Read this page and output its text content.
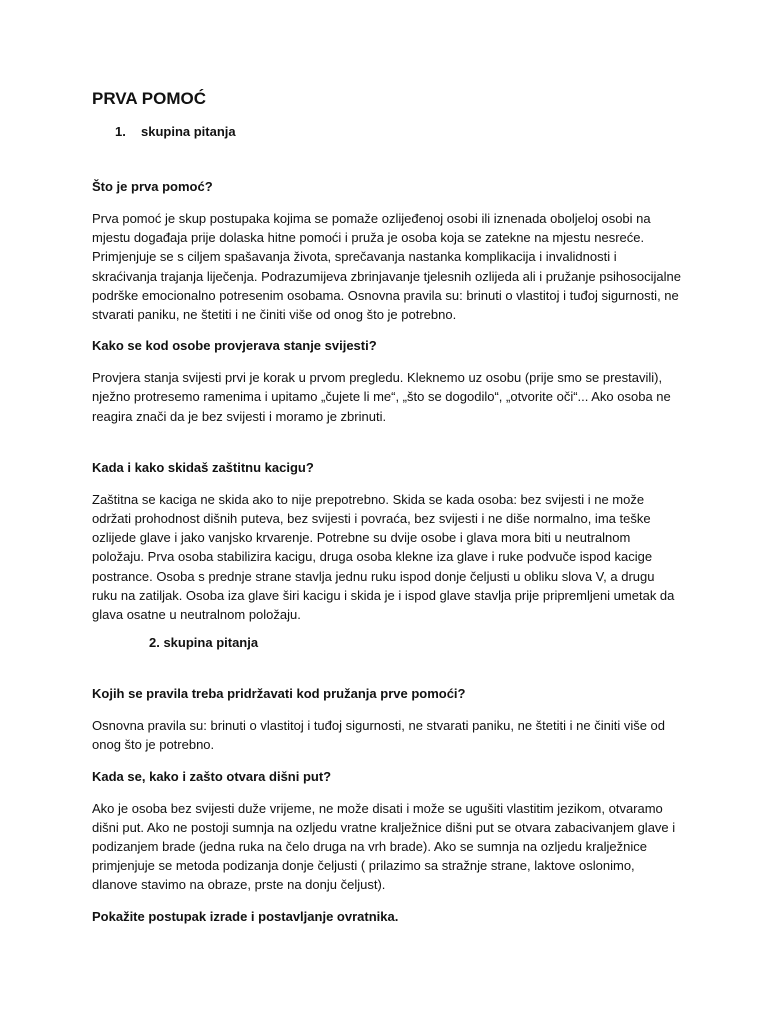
PRVA POMOĆ
1. skupina pitanja

Što je prva pomoć?

Prva pomoć je skup postupaka kojima se pomaže ozlijeđenoj osobi ili iznenada oboljeloj osobi na mjestu događaja prije dolaska hitne pomoći i pruža je osoba koja se zatekne na mjestu nesreće. Primjenjuje se s ciljem spašavanja života, sprečavanja nastanka komplikacija i invalidnosti i skraćivanja trajanja liječenja. Podrazumijeva zbrinjavanje tjelesnih ozlijeda ali i pružanje psihosocijalne podrške emocionalno potresenim osobama. Osnovna pravila su: brinuti o vlastitoj i tuđoj sigurnosti, ne stvarati paniku, ne štetiti i ne činiti više od onog što je potrebno.

Kako se kod osobe provjerava stanje svijesti?

Provjera stanja svijesti prvi je korak u prvom pregledu. Kleknemo uz osobu (prije smo se prestavili), nježno protresemo ramenima i upitamo „čujete li me“, „što se dogodilo“, „otvorite oči“... Ako osoba ne reagira znači da je bez svijesti i moramo je zbrinuti.

Kada i kako skidaš zaštitnu kacigu?

Zaštitna se kaciga ne skida ako to nije prepotrebno. Skida se kada osoba: bez svijesti i ne može održati prohodnost dišnih puteva, bez svijesti i povraća, bez svijesti i ne diše normalno, ima teške ozlijede glave i jako vanjsko krvarenje. Potrebne su dvije osobe i glava mora biti u neutralnom položaju. Prva osoba stabilizira kacigu, druga osoba klekne iza glave i ruke podvuče ispod kacige postrance. Osoba s prednje strane stavlja jednu ruku ispod donje čeljusti u obliku slova V, a drugu ruku na zatiljak. Osoba iza glave širi kacigu i skida je i ispod glave stavlja prije pripremljeni umetak da glava osatne u neutralnom položaju.

2. skupina pitanja

Kojih se pravila treba pridržavati kod pružanja prve pomoći?

Osnovna pravila su: brinuti o vlastitoj i tuđoj sigurnosti, ne stvarati paniku, ne štetiti i ne činiti više od onog što je potrebno.

Kada se, kako i zašto otvara dišni put?

Ako je osoba bez svijesti duže vrijeme, ne može disati i može se ugušiti vlastitim jezikom, otvaramo dišni put. Ako ne postoji sumnja na ozljedu vratne kralježnice dišni put se otvara zabacivanjem glave i podizanjem brade (jedna ruka na čelo druga na vrh brade). Ako se sumnja na ozljedu kralježnice primjenjuje se metoda podizanja donje čeljusti ( prilazimo sa stražnje strane, laktove oslonimo, dlanove stavimo na obraze, prste na donju čeljust).

Pokažite postupak izrade i postavljanje ovratnika.
